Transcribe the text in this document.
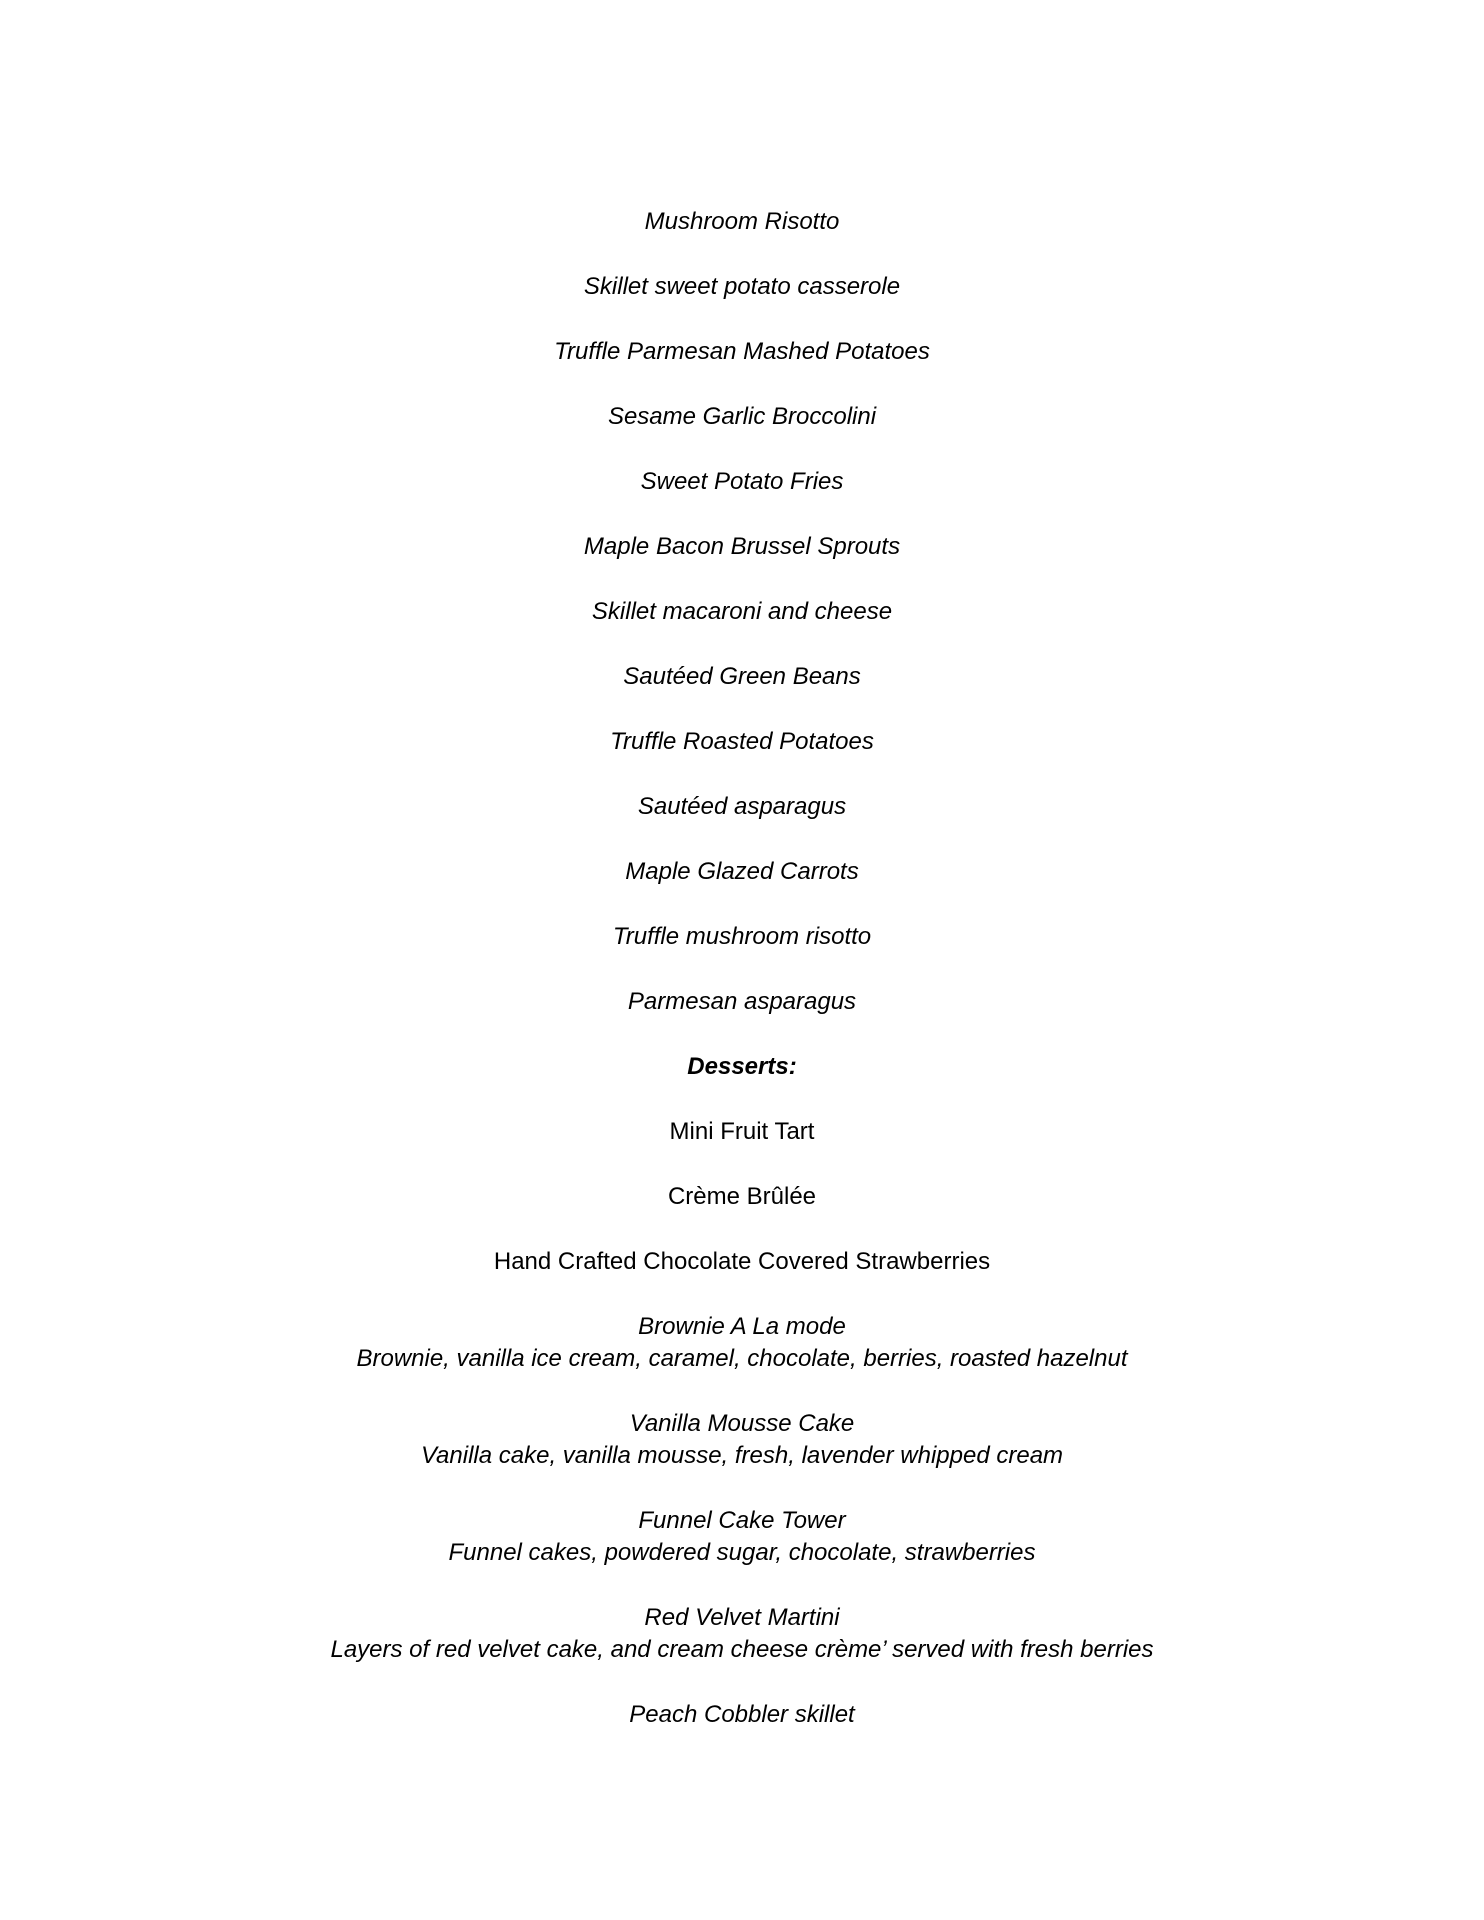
Mushroom Risotto
Skillet sweet potato casserole
Truffle Parmesan Mashed Potatoes
Sesame Garlic Broccolini
Sweet Potato Fries
Maple Bacon Brussel Sprouts
Skillet macaroni and cheese
Sautéed Green Beans
Truffle Roasted Potatoes
Sautéed asparagus
Maple Glazed Carrots
Truffle mushroom risotto
Parmesan asparagus
Desserts:
Mini Fruit Tart
Crème Brûlée
Hand Crafted Chocolate Covered Strawberries
Brownie A La mode
Brownie, vanilla ice cream, caramel, chocolate, berries, roasted hazelnut
Vanilla Mousse Cake
Vanilla cake, vanilla mousse, fresh, lavender whipped cream
Funnel Cake Tower
Funnel cakes, powdered sugar, chocolate, strawberries
Red Velvet Martini
Layers of red velvet cake, and cream cheese crème’ served with fresh berries
Peach Cobbler skillet
